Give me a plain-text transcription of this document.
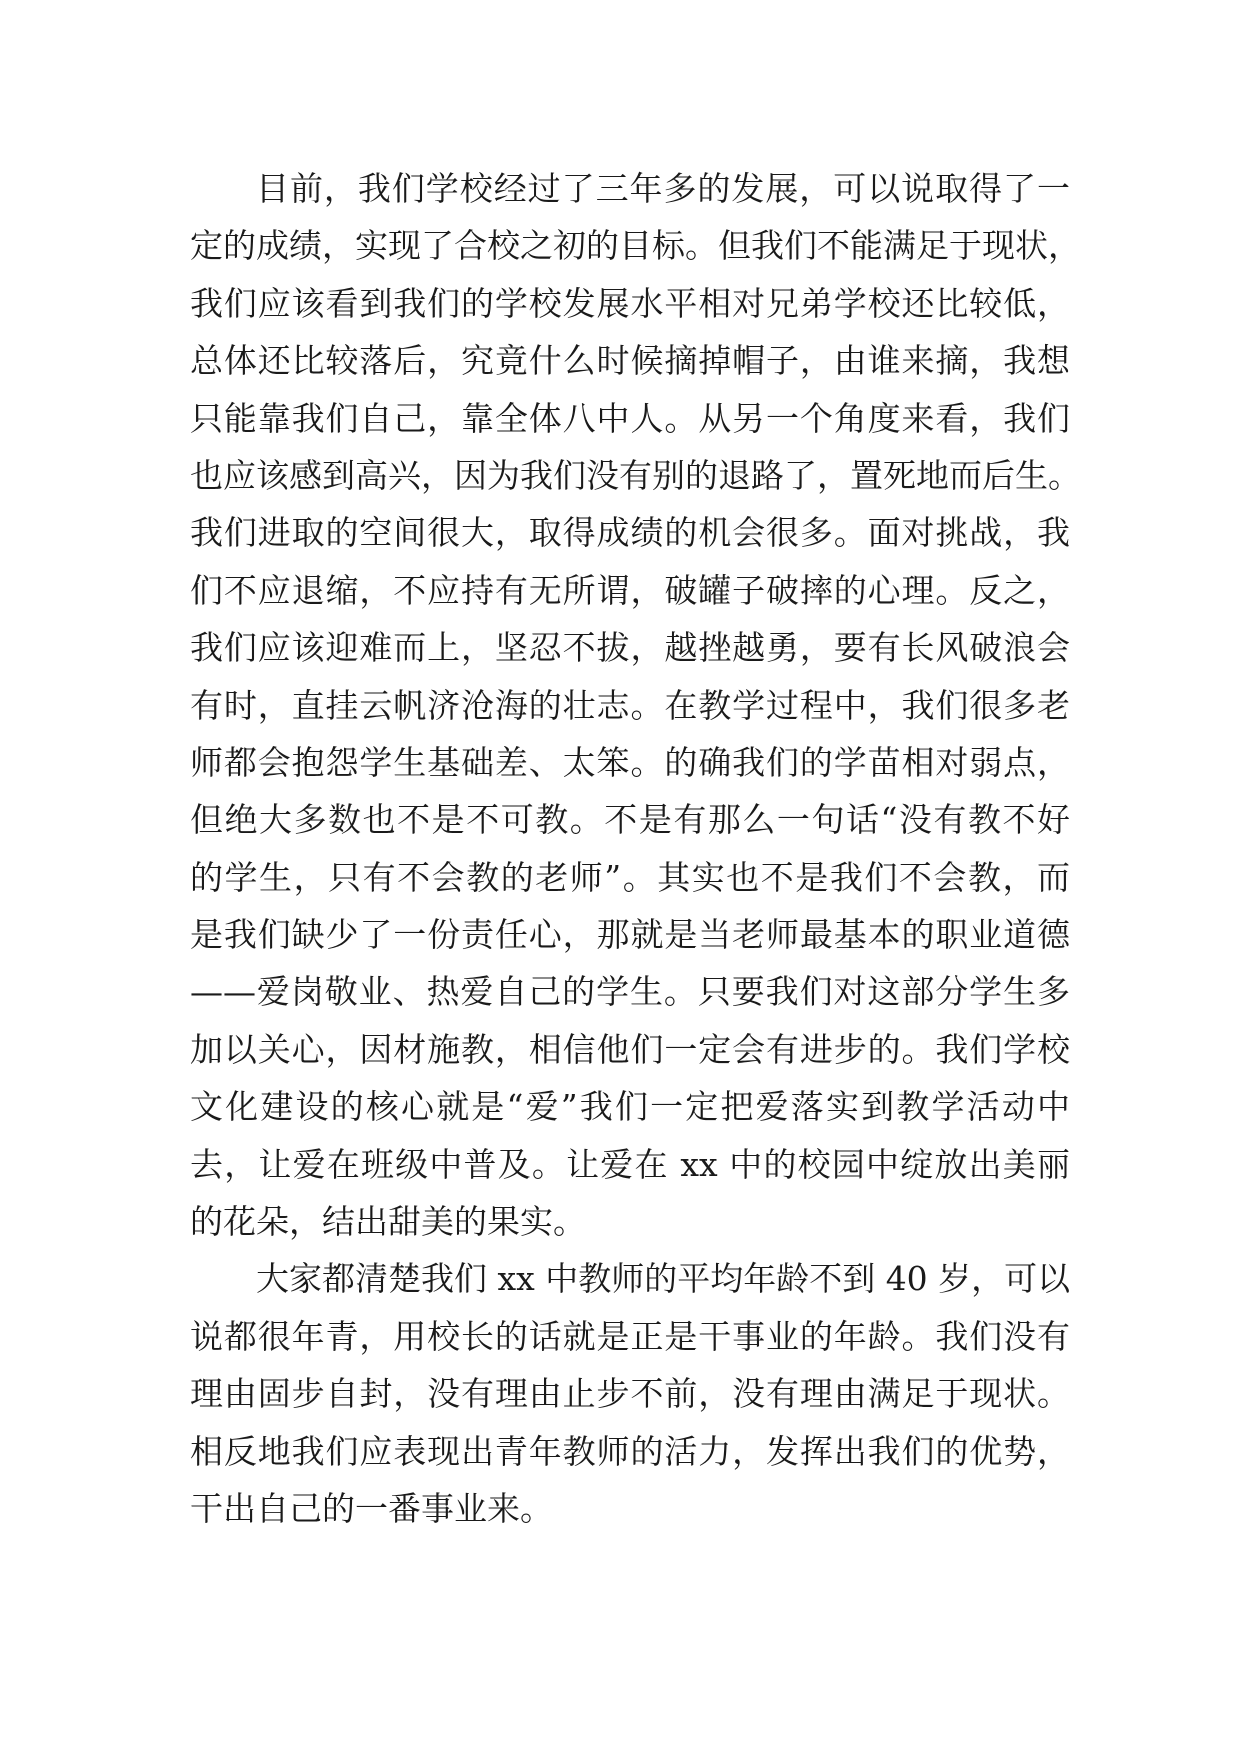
目前，我们学校经过了三年多的发展，可以说取得了一
定的成绩，实现了合校之初的目标。但我们不能满足于现状，
我们应该看到我们的学校发展水平相对兄弟学校还比较低，
总体还比较落后，究竟什么时候摘掉帽子，由谁来摘，我想
只能靠我们自己，靠全体八中人。从另一个角度来看，我们
也应该感到高兴，因为我们没有别的退路了，置死地而后生。
我们进取的空间很大，取得成绩的机会很多。面对挑战，我
们不应退缩，不应持有无所谓，破罐子破摔的心理。反之，
我们应该迎难而上，坚忍不拔，越挫越勇，要有长风破浪会
有时，直挂云帆济沧海的壮志。在教学过程中，我们很多老
师都会抱怨学生基础差、太笨。的确我们的学苗相对弱点，
但绝大多数也不是不可教。不是有那么一句话“没有教不好
的学生，只有不会教的老师”。其实也不是我们不会教，而
是我们缺少了一份责任心，那就是当老师最基本的职业道德
——爱岗敬业、热爱自己的学生。只要我们对这部分学生多
加以关心，因材施教，相信他们一定会有进步的。我们学校
文化建设的核心就是“爱”我们一定把爱落实到教学活动中
去，让爱在班级中普及。让爱在 xx 中的校园中绽放出美丽
的花朵，结出甜美的果实。
大家都清楚我们 xx 中教师的平均年龄不到 40 岁，可以
说都很年青，用校长的话就是正是干事业的年龄。我们没有
理由固步自封，没有理由止步不前，没有理由满足于现状。
相反地我们应表现出青年教师的活力，发挥出我们的优势，
干出自己的一番事业来。
